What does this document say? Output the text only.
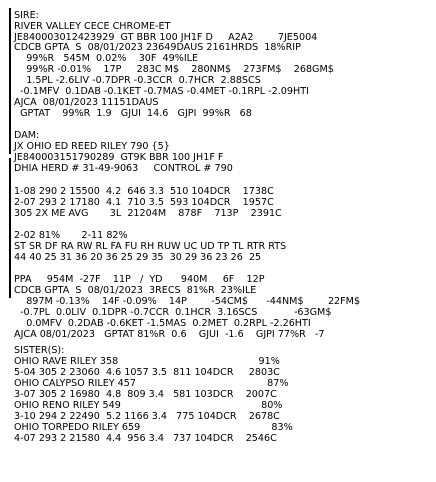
SIRE:
RIVER VALLEY CECE CHROME-ET
JE840003012423929  GT BBR 100 JH1F D     A2A2        7JE5004
CDCB GPTA  S  08/01/2023 23649DAUS 2161HRDS  18%RIP
99%R   545M  0.02%    30F  49%ILE
99%R -0.01%    17P     283C M$    280NM$    273FM$    268GM$
1.5PL -2.6LIV -0.7DPR -0.3CCR  0.7HCR  2.88SCS
-0.1MFV  0.1DAB -0.1KET -0.7MAS -0.4MET -0.1RPL -2.09HTI
AJCA  08/01/2023 11151DAUS
GPTAT    99%R  1.9   GJUI  14.6   GJPI  99%R   68
DAM:
JX OHIO ED REED RILEY 790 {5}
JE840003151790289  GT9K BBR 100 JH1F F
DHIA HERD # 31-49-9063     CONTROL # 790
1-08 290 2 15500  4.2  646 3.3  510 104DCR    1738C
2-07 293 2 17180  4.1  710 3.5  593 104DCR    1957C
305 2X ME AVG       3L  21204M    878F    713P    2391C
2-02 81%       2-11 82%
ST SR DF RA RW RL FA FU RH RUW UC UD TP TL RTR RTS
44 40 25 31 36 20 36 25 29 35  30 29 36 23 26  25
PPA     954M  -27F    11P   /  YD      940M     6F    12P
CDCB GPTA  S  08/01/2023  3RECS  81%R  23%ILE
897M -0.13%    14F -0.09%    14P        -54CM$      -44NM$        22FM$
-0.7PL  0.0LIV  0.1DPR -0.7CCR  0.1HCR  3.16SCS            -63GM$
0.0MFV  0.2DAB -0.6KET -1.5MAS  0.2MET  0.2RPL -2.26HTI
AJCA 08/01/2023   GPTAT 81%R  0.6    GJUI  -1.6    GJPI 77%R   -7
SISTER(S):
OHIO RAVE RILEY 358                                              91%
5-04 305 2 23060  4.6 1057 3.5  811 104DCR     2803C
OHIO CALYPSO RILEY 457                                           87%
3-07 305 2 16980  4.8  809 3.4   581 103DCR    2007C
OHIO RENO RILEY 549                                              80%
3-10 294 2 22490  5.2 1166 3.4   775 104DCR    2678C
OHIO TORPEDO RILEY 659                                           83%
4-07 293 2 21580  4.4  956 3.4   737 104DCR    2546C
